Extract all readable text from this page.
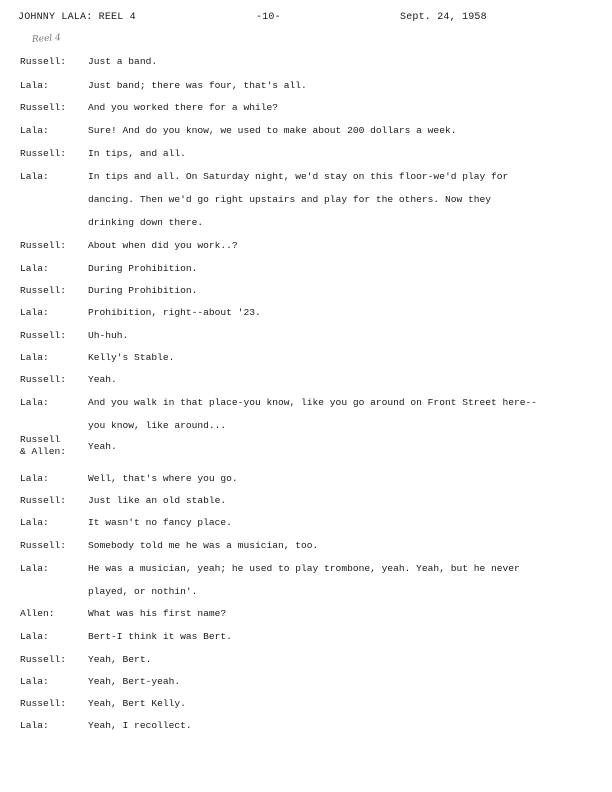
JOHNNY LALA: REEL 4	-10-	Sept. 24, 1958
Reel 4
Russell:	Just a band.
Lala:	Just band; there was four, that's all.
Russell:	And you worked there for a while?
Lala:	Sure! And do you know, we used to make about 200 dollars a week.
Russell:	In tips, and all.
Lala:	In tips and all. On Saturday night, we'd stay on this floor-we'd play for
dancing. Then we'd go right upstairs and play for the others. Now they
drinking down there.
Russell:	About when did you work..?
Lala:	During Prohibition.
Russell:	During Prohibition.
Lala:	Prohibition, right--about '23.
Russell:	Uh-huh.
Lala:	Kelly's Stable.
Russell:	Yeah.
Lala:	And you walk in that place-you know, like you go around on Front Street here--
you know, like around...
Russell
& Allen:	Yeah.
Lala:	Well, that's where you go.
Russell:	Just like an old stable.
Lala:	It wasn't no fancy place.
Russell:	Somebody told me he was a musician, too.
Lala:	He was a musician, yeah; he used to play trombone, yeah. Yeah, but he never
played, or nothin'.
Allen:	What was his first name?
Lala:	Bert-I think it was Bert.
Russell:	Yeah, Bert.
Lala:	Yeah, Bert-yeah.
Russell:	Yeah, Bert Kelly.
Lala:	Yeah, I recollect.
